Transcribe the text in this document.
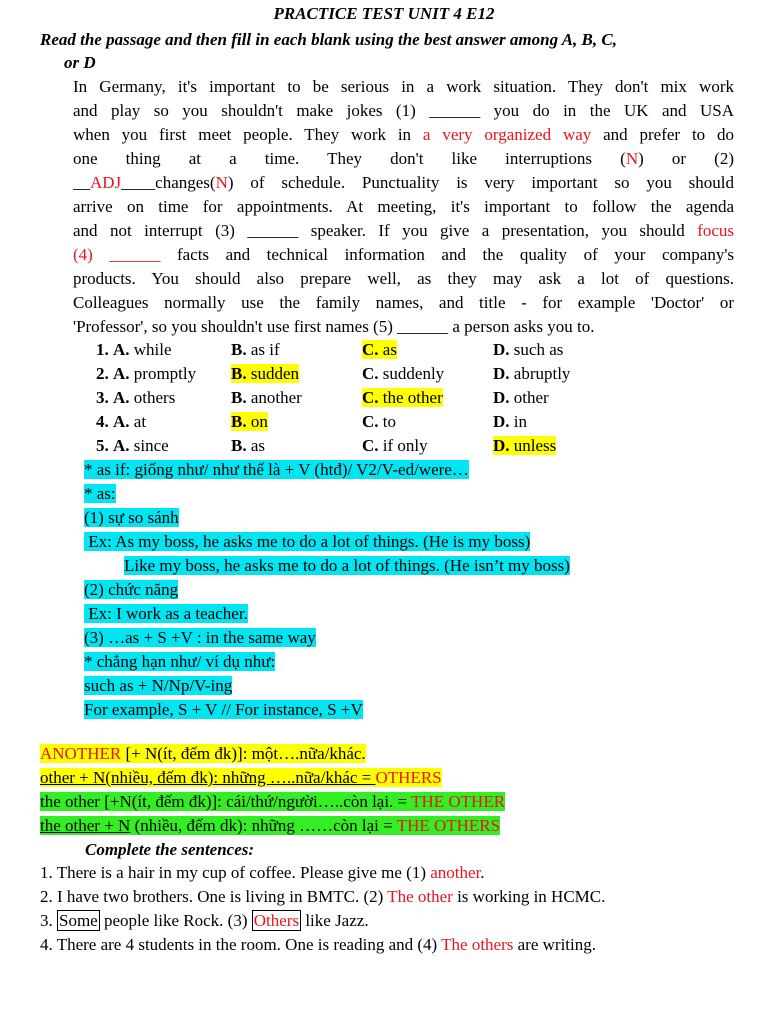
PRACTICE TEST UNIT 4 E12
Read the passage and then fill in each blank using the best answer among A, B, C,
or D
In Germany, it's important to be serious in a work situation. They don't mix work
and play so you shouldn't make jokes (1) ______ you do in the UK and USA
when you first meet people. They work in a very organized way and prefer to do
one thing at a time. They don't like interruptions (N) or (2)
__ADJ____changes(N) of schedule. Punctuality is very important so you should
arrive on time for appointments. At meeting, it's important to follow the agenda
and not interrupt (3) ______ speaker. If you give a presentation, you should focus
(4) ______ facts and technical information and the quality of your company's
products. You should also prepare well, as they may ask a lot of questions.
Colleagues normally use the family names, and title - for example 'Doctor' or
'Professor', so you shouldn't use first names (5) ______ a person asks you to.
1. A. while	B. as if	C. as	D. such as
2. A. promptly B. sudden	C. suddenly	D. abruptly
3. A. others	B. another	C. the other	D. other
4. A. at	B. on	C. to	D. in
5. A. since	B. as	C. if only	D. unless
* as if: giống như/ như thể là + V (htđ)/ V2/V-ed/were…
* as:
(1) sự so sánh
Ex: As my boss, he asks me to do a lot of things. (He is my boss)
Like my boss, he asks me to do a lot of things. (He isn’t my boss)
(2) chức năng
Ex: I work as a teacher.
(3) …as + S +V : in the same way
* chẳng hạn như/ ví dụ như:
such as + N/Np/V-ing
For example, S + V // For instance, S +V
ANOTHER [+ N(ít, đếm đk)]: một….nữa/khác.
other + N(nhiều, đếm đk): những …..nữa/khác = OTHERS
the other [+N(ít, đếm đk)]: cái/thứ/người…..còn lại. = THE OTHER
the other + N (nhiều, đếm dk): những ……còn lại = THE OTHERS
Complete the sentences:
1. There is a hair in my cup of coffee. Please give me (1) another.
2. I have two brothers. One is living in BMTC. (2) The other is working in HCMC.
3. Some people like Rock. (3) Others like Jazz.
4. There are 4 students in the room. One is reading and (4) The others are writing.
